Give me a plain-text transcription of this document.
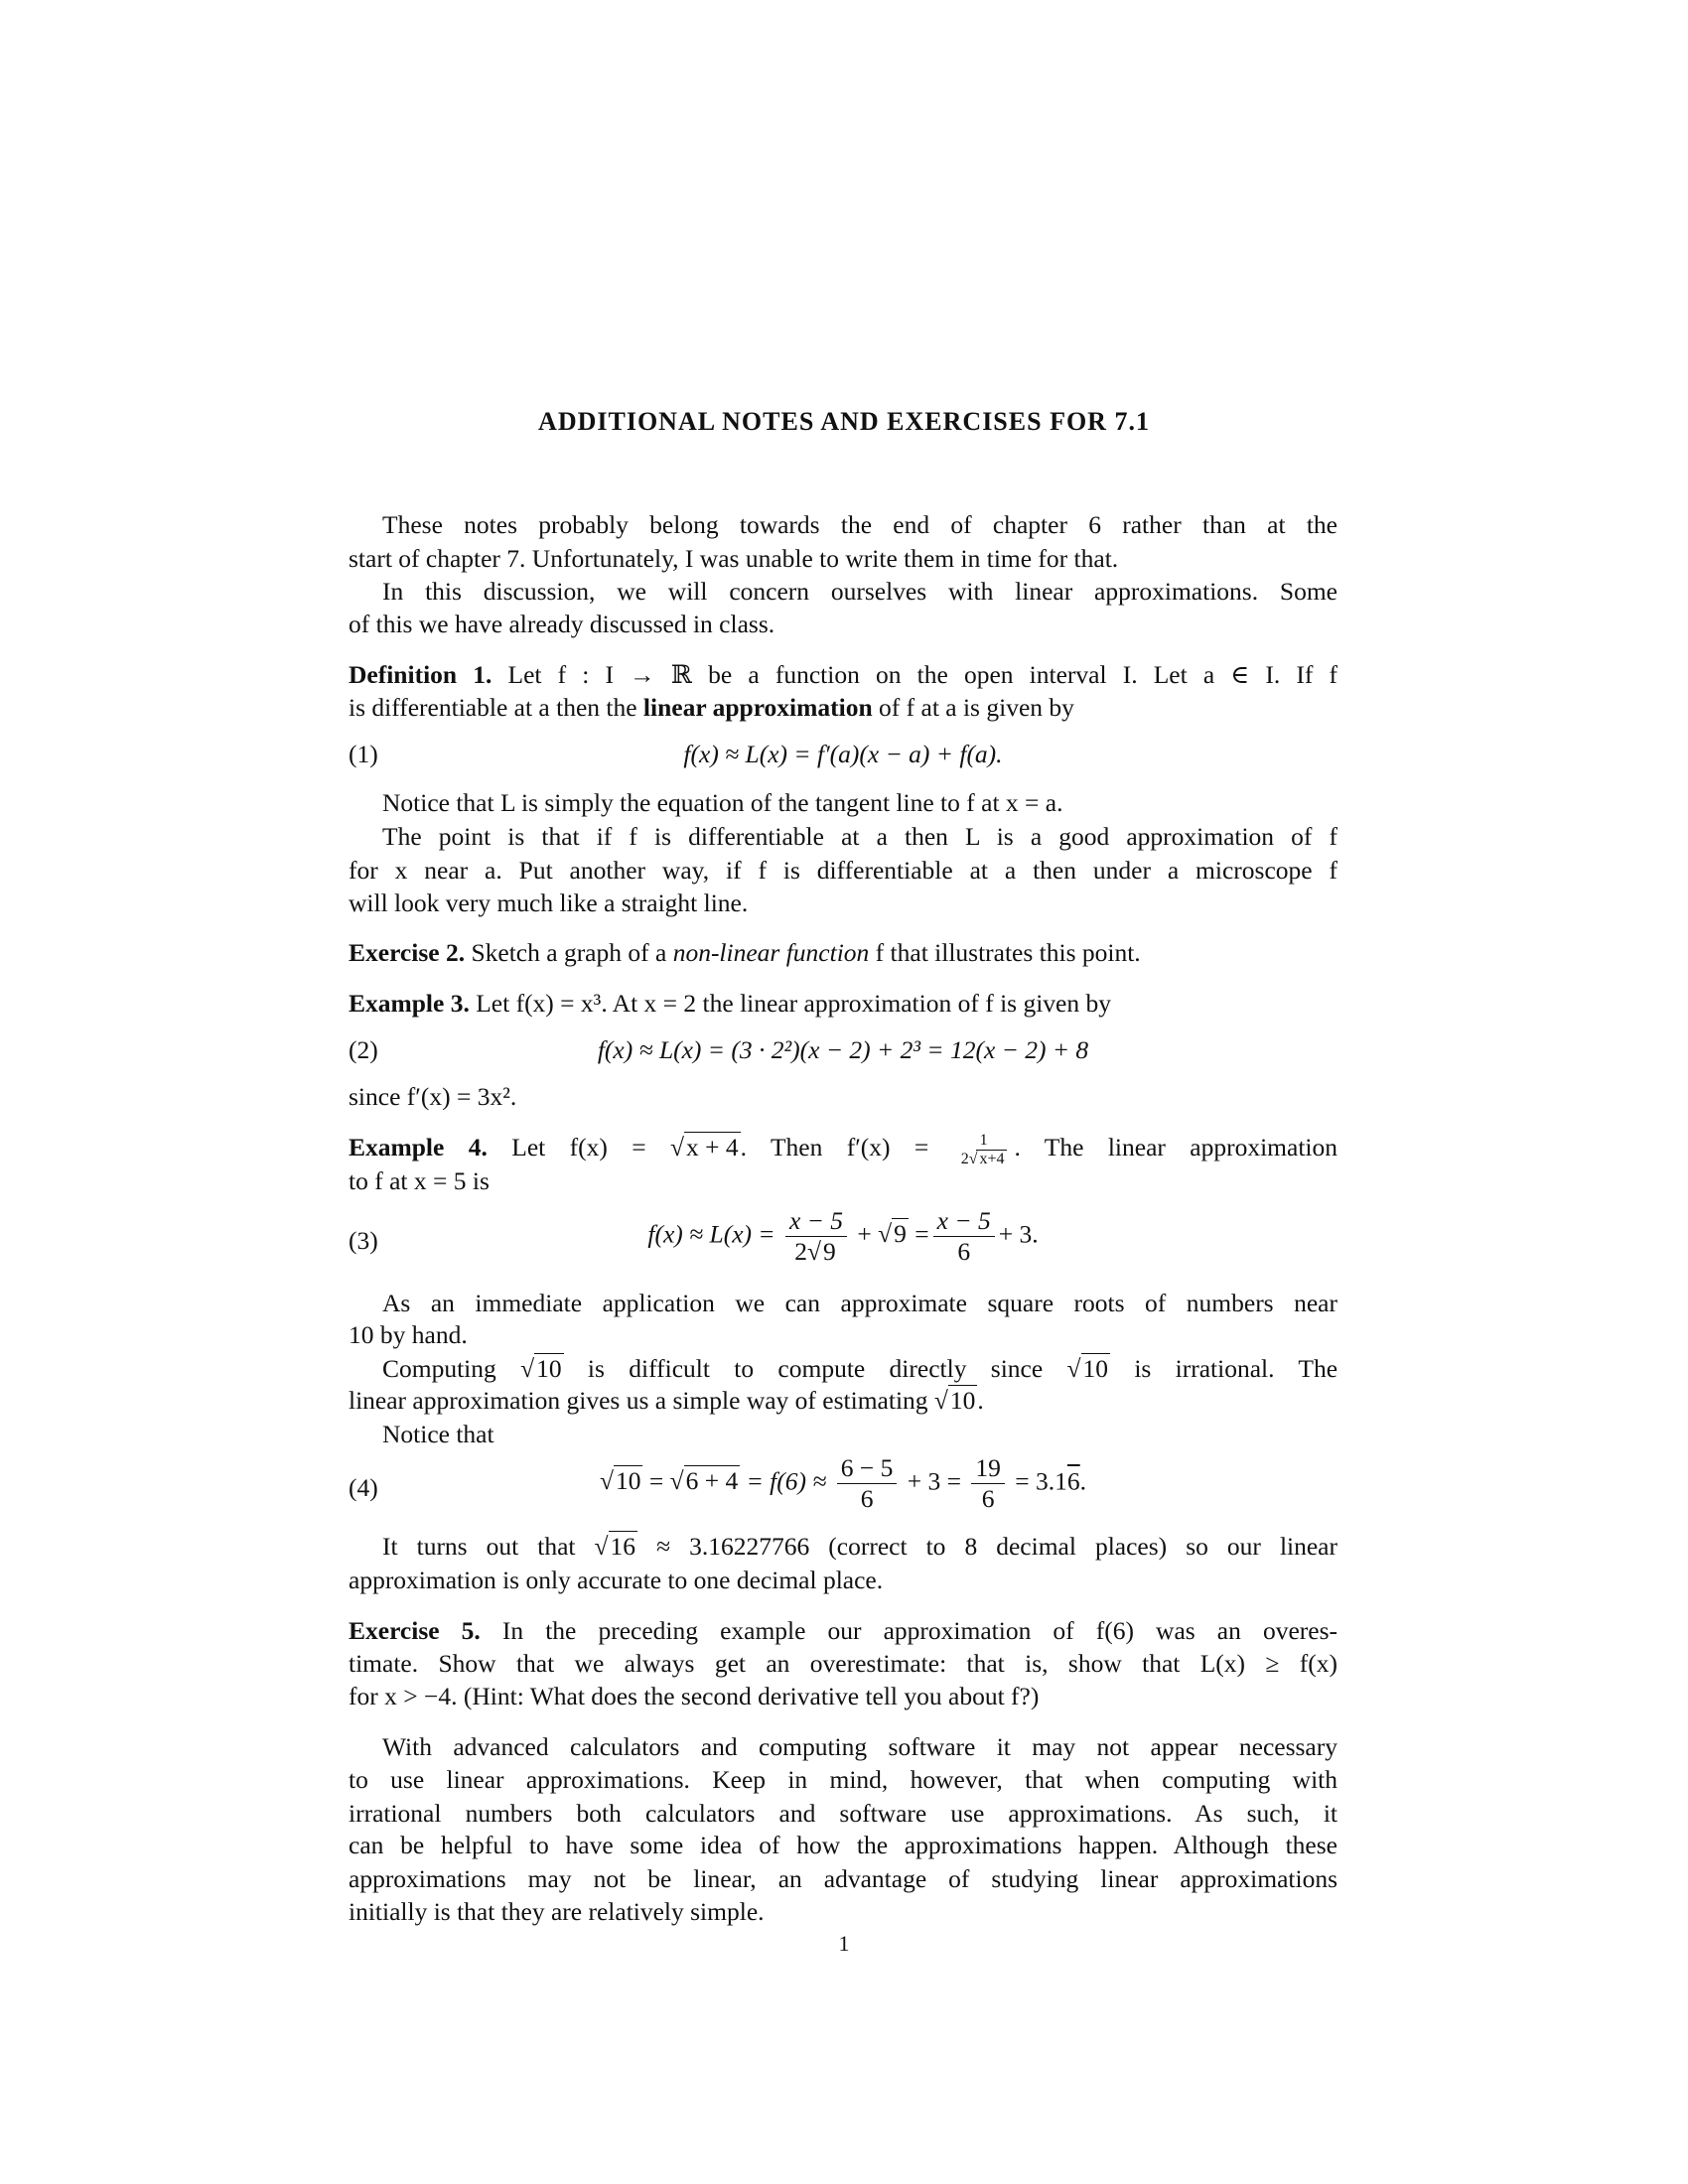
ADDITIONAL NOTES AND EXERCISES FOR 7.1
These notes probably belong towards the end of chapter 6 rather than at the
start of chapter 7. Unfortunately, I was unable to write them in time for that.
In this discussion, we will concern ourselves with linear approximations. Some
of this we have already discussed in class.
Definition 1. Let f : I → ℝ be a function on the open interval I. Let a ∈ I. If f
is differentiable at a then the linear approximation of f at a is given by
(1)	f(x) ≈ L(x) = f′(a)(x − a) + f(a).
Notice that L is simply the equation of the tangent line to f at x = a.
The point is that if f is differentiable at a then L is a good approximation of f
for x near a. Put another way, if f is differentiable at a then under a microscope f
will look very much like a straight line.
Exercise 2. Sketch a graph of a non-linear function f that illustrates this point.
Example 3. Let f(x) = x³. At x = 2 the linear approximation of f is given by
(2)	f(x) ≈ L(x) = (3 · 2²)(x − 2) + 2³ = 12(x − 2) + 8
since f′(x) = 3x².
Example 4. Let f(x) = √x + 4. Then $f'(x) = \frac{1}{2√ x+4}$ . The linear approximation
to f at x = 5 is
(3)	$f(x) \approx L(x) = \frac{x - 5}{2√9} + √9 = \frac{x - 5}{6} + 3$.
As an immediate application we can approximate square roots of numbers near
10 by hand.
Computing √10 is difficult to compute directly since √10 is irrational. The
linear approximation gives us a simple way of estimating √10.
Notice that
(4)	$√10 = √6 + 4 = f(6) \approx \frac{6 - 5}{6} + 3 = \frac{19}{6} = 3.16$.
It turns out that √16 ≈ 3.16227766 (correct to 8 decimal places) so our linear
approximation is only accurate to one decimal place.
Exercise 5. In the preceding example our approximation of f(6) was an overes-
timate. Show that we always get an overestimate: that is, show that L(x) ≥ f(x)
for x > −4. (Hint: What does the second derivative tell you about f?)
With advanced calculators and computing software it may not appear necessary
to use linear approximations. Keep in mind, however, that when computing with
irrational numbers both calculators and software use approximations. As such, it
can be helpful to have some idea of how the approximations happen. Although these
approximations may not be linear, an advantage of studying linear approximations
initially is that they are relatively simple.
1
